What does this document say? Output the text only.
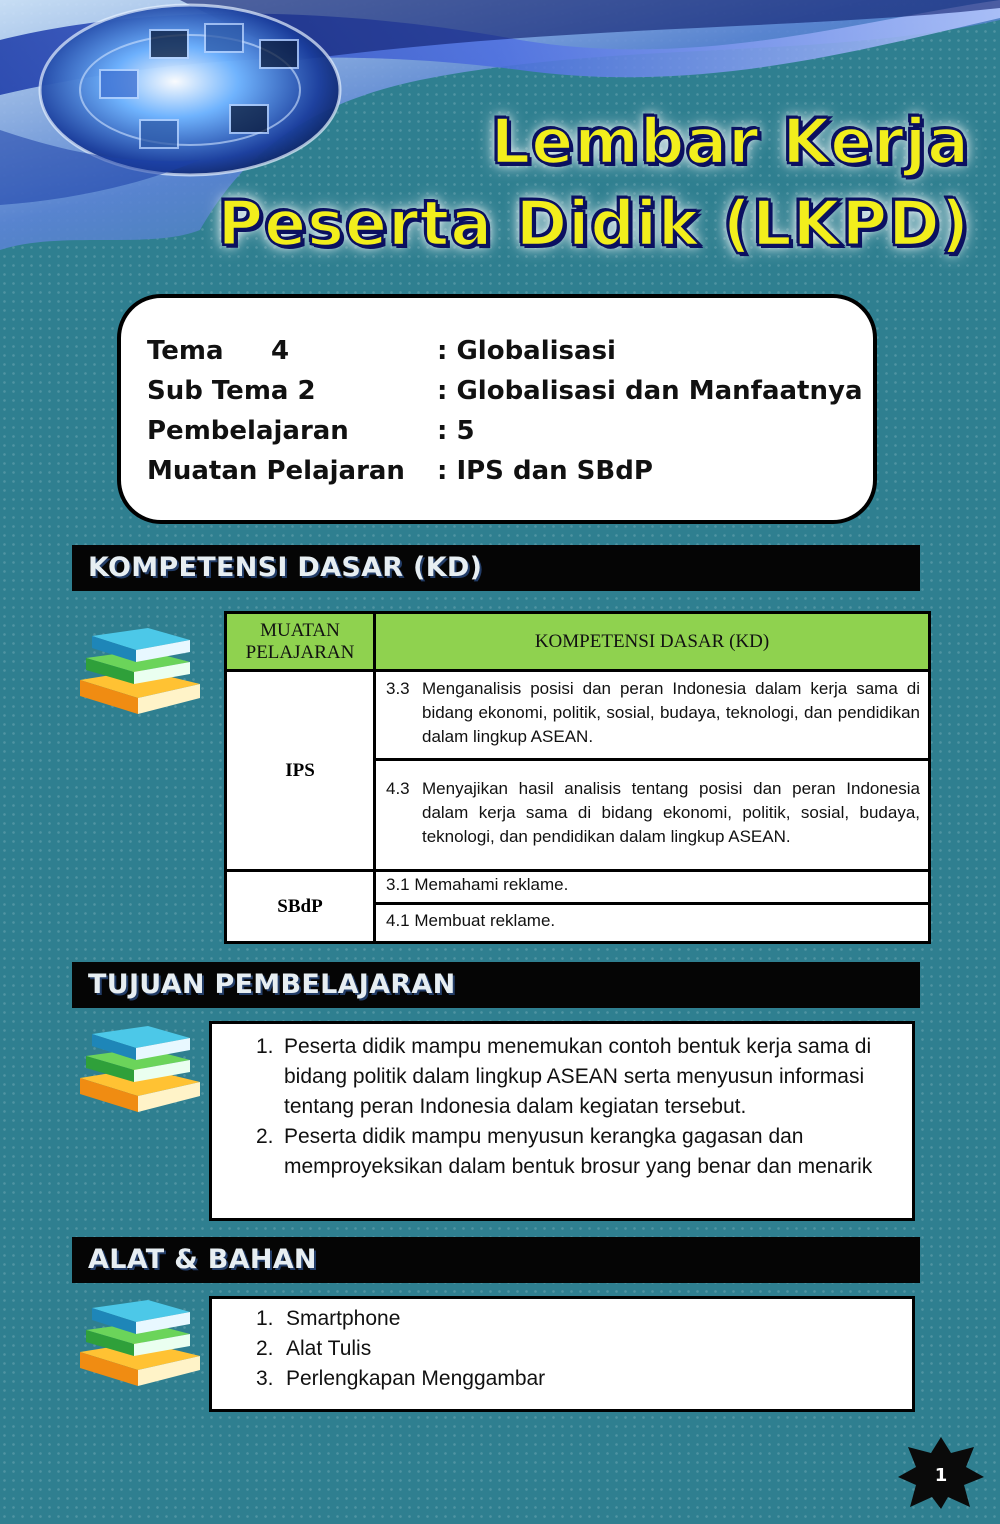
Lembar Kerja
Peserta Didik (LKPD)
Tema 4	: Globalisasi
Sub Tema 2	: Globalisasi dan Manfaatnya
Pembelajaran	: 5
Muatan Pelajaran : IPS dan SBdP
KOMPETENSI DASAR (KD)
MUATAN PELAJARAN	KOMPETENSI DASAR (KD)
IPS	3.3 Menganalisis posisi dan peran Indonesia dalam kerja sama di bidang ekonomi, politik, sosial, budaya, teknologi, dan pendidikan dalam lingkup ASEAN.

	4.3 Menyajikan hasil analisis tentang posisi dan peran Indonesia dalam kerja sama di bidang ekonomi, politik, sosial, budaya, teknologi, dan pendidikan dalam lingkup ASEAN.

SBdP	3.1 Memahami reklame.
	4.1 Membuat reklame.
TUJUAN PEMBELAJARAN
1. Peserta didik mampu menemukan contoh bentuk kerja sama di bidang politik dalam lingkup ASEAN serta menyusun informasi tentang peran Indonesia dalam kegiatan tersebut.
2. Peserta didik mampu menyusun kerangka gagasan dan memproyeksikan dalam bentuk brosur yang benar dan menarik
ALAT & BAHAN
1. Smartphone
2. Alat Tulis
3. Perlengkapan Menggambar
1
